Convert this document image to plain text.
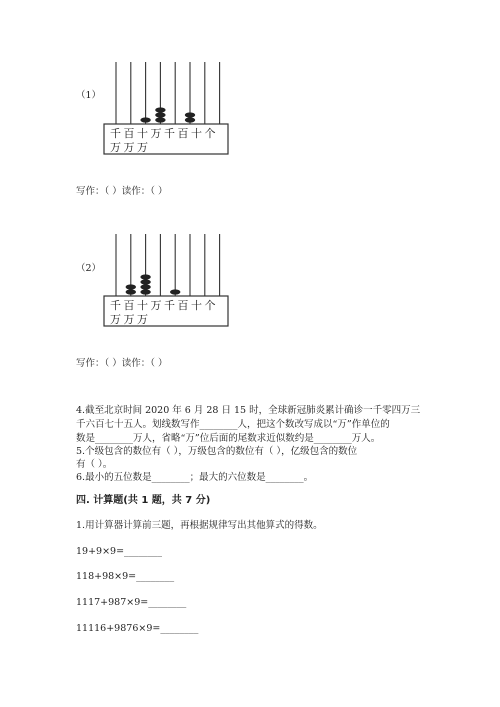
（1）
千百十万千百十个
万万万
写作：（ ）读作：（ ）
（2）
千百十万千百十个
万万万
写作：（ ）读作：（ ）
4.截至北京时间 2020 年 6 月 28 日 15 时，全球新冠肺炎累计确诊一千零四万三
千六百七十五人。划线数写作________人，把这个数改写成以“万”作单位的
数是________万人，省略“万”位后面的尾数求近似数约是________万人。
5.个级包含的数位有（ ），万级包含的数位有（ ），亿级包含的数位
有（ ）。
6.最小的五位数是________；最大的六位数是________。
四. 计算题(共 1 题，共 7 分)
1.用计算器计算前三题，再根据规律写出其他算式的得数。
19+9×9=________
118+98×9=________
1117+987×9=________
11116+9876×9=________
